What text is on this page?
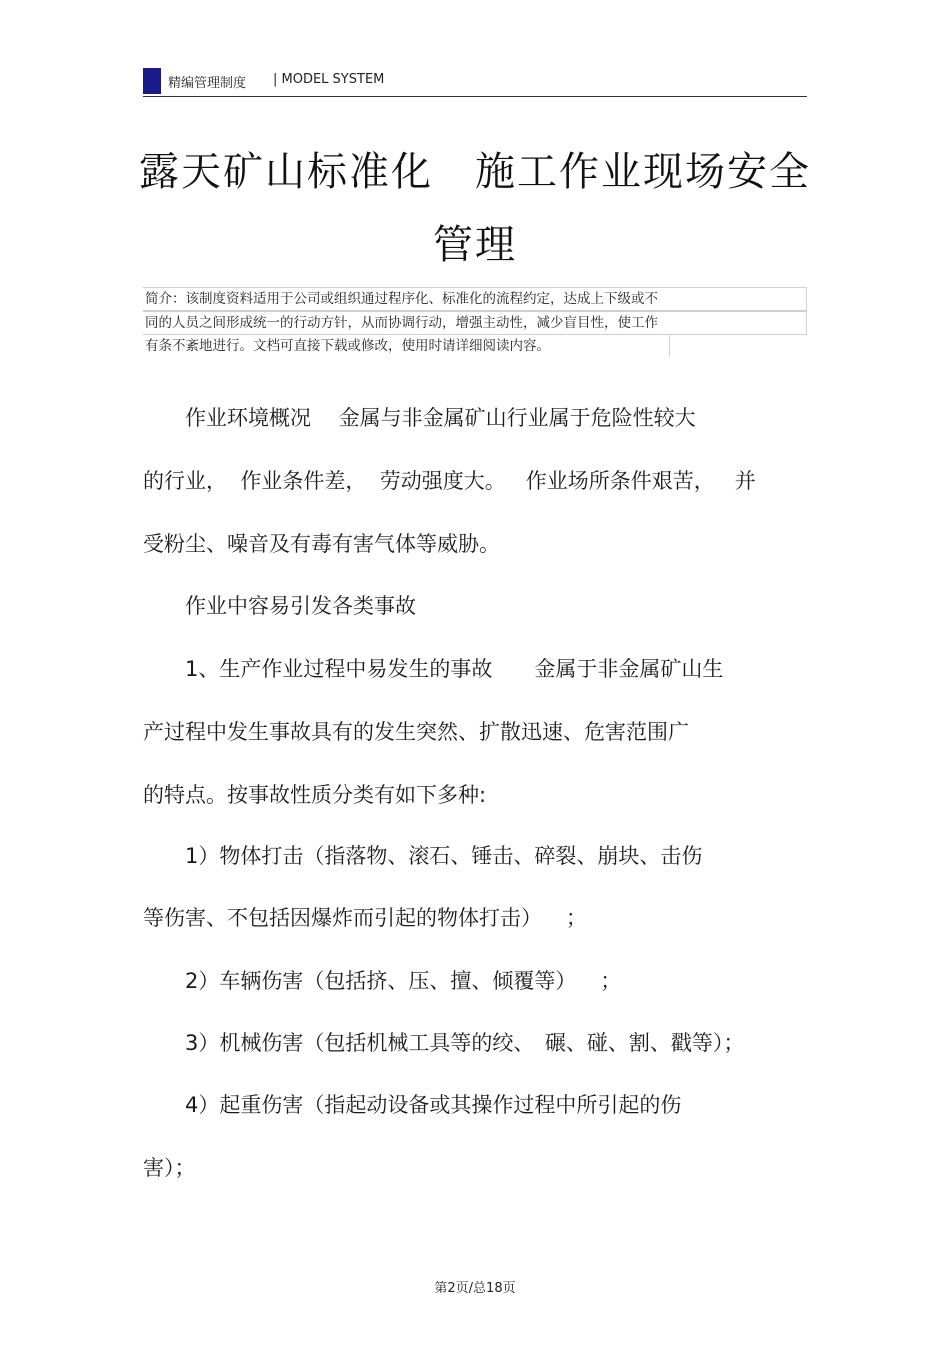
精编管理制度 | MODEL SYSTEM
露天矿山标准化　施工作业现场安全
管理
简介：该制度资料适用于公司或组织通过程序化、标准化的流程约定，达成上下级或不
同的人员之间形成统一的行动方针，从而协调行动，增强主动性，减少盲目性，使工作
有条不紊地进行。文档可直接下载或修改，使用时请详细阅读内容。
　　作业环境概况　 金属与非金属矿山行业属于危险性较大
的行业，  作业条件差，  劳动强度大。   作业场所条件艰苦，   并
受粉尘、噪音及有毒有害气体等威胁。
　　作业中容易引发各类事故
　　1、生产作业过程中易发生的事故　　金属于非金属矿山生
产过程中发生事故具有的发生突然、扩散迅速、危害范围广
的特点。按事故性质分类有如下多种:
　　1）物体打击（指落物、滚石、锤击、碎裂、崩块、击伤
等伤害、不包括因爆炸而引起的物体打击）　  ；
　　2）车辆伤害（包括挤、压、擅、倾覆等）　  ；
　　3）机械伤害（包括机械工具等的绞、　碾、碰、割、戳等）；
　　4）起重伤害（指起动设备或其操作过程中所引起的伤
害）；
第2页/总18页
